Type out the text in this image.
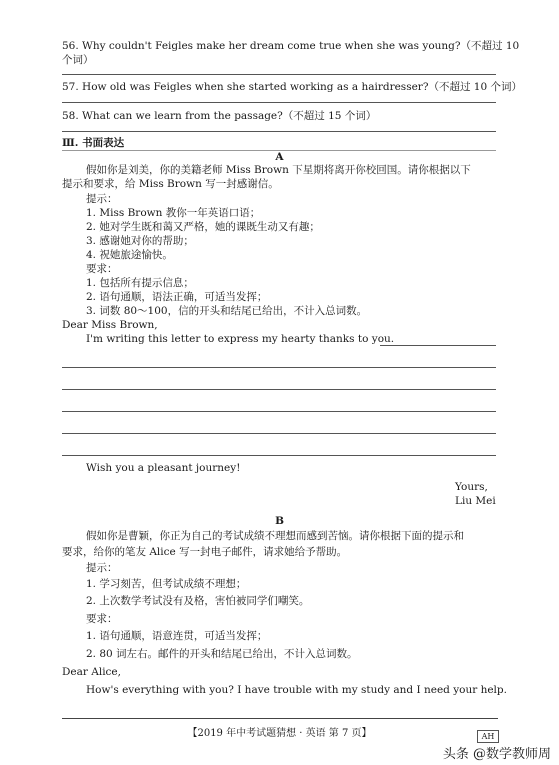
56. Why couldn't Feigles make her dream come true when she was young?（不超过 10
个词）
57. How old was Feigles when she started working as a hairdresser?（不超过 10 个词）
58. What can we learn from the passage?（不超过 15 个词）
Ⅲ. 书面表达
A
假如你是刘美，你的美籍老师 Miss Brown 下星期将离开你校回国。请你根据以下
提示和要求，给 Miss Brown 写一封感谢信。
提示：
1. Miss Brown 教你一年英语口语；
2. 她对学生既和蔼又严格，她的课既生动又有趣；
3. 感谢她对你的帮助；
4. 祝她旅途愉快。
要求：
1. 包括所有提示信息；
2. 语句通顺，语法正确，可适当发挥；
3. 词数 80～100，信的开头和结尾已给出，不计入总词数。
Dear Miss Brown,
I'm writing this letter to express my hearty thanks to you.
Wish you a pleasant journey!
Yours,
Liu Mei
B
假如你是曹颖，你正为自己的考试成绩不理想而感到苦恼。请你根据下面的提示和
要求，给你的笔友 Alice 写一封电子邮件，请求她给予帮助。
提示：
1. 学习刻苦，但考试成绩不理想；
2. 上次数学考试没有及格，害怕被同学们嘲笑。
要求：
1. 语句通顺，语意连贯，可适当发挥；
2. 80 词左右。邮件的开头和结尾已给出，不计入总词数。
Dear Alice,
How's everything with you? I have trouble with my study and I need your help.
【2019 年中考试题猜想 · 英语 第 7 页】	AH
头条 @数学教师周
